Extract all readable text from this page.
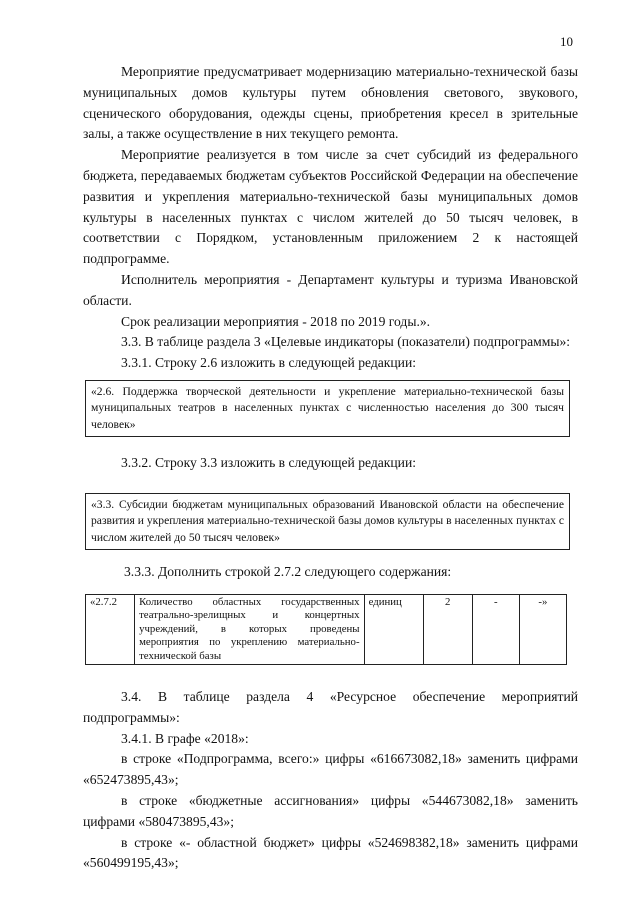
10

Мероприятие предусматривает модернизацию материально-технической базы муниципальных домов культуры путем обновления светового, звукового, сценического оборудования, одежды сцены, приобретения кресел в зрительные залы, а также осуществление в них текущего ремонта.

Мероприятие реализуется в том числе за счет субсидий из федерального бюджета, передаваемых бюджетам субъектов Российской Федерации на обеспечение развития и укрепления материально-технической базы муниципальных домов культуры в населенных пунктах с числом жителей до 50 тысяч человек, в соответствии с Порядком, установленным приложением 2 к настоящей подпрограмме.

Исполнитель мероприятия - Департамент культуры и туризма Ивановской области.

Срок реализации мероприятия - 2018 по 2019 годы.».

3.3. В таблице раздела 3 «Целевые индикаторы (показатели) подпрограммы»:

3.3.1. Строку 2.6 изложить в следующей редакции:

«2.6. Поддержка творческой деятельности и укрепление материально-технической базы муниципальных театров в населенных пунктах с численностью населения до 300 тысяч человек»
3.3.2. Строку 3.3 изложить в следующей редакции:
«3.3. Субсидии бюджетам муниципальных образований Ивановской области на обеспечение развития и укрепления материально-технической базы домов культуры в населенных пунктах с числом жителей до 50 тысяч человек»
3.3.3. Дополнить строкой 2.7.2 следующего содержания:
«2.7.2	Количество областных государственных театрально-зрелищных и концертных учреждений, в которых проведены мероприятия по укреплению материально-технической базы	единиц	2	-	-»

3.4. В таблице раздела 4 «Ресурсное обеспечение мероприятий подпрограммы»:

3.4.1. В графе «2018»:

в строке «Подпрограмма, всего:» цифры «616673082,18» заменить цифрами «652473895,43»;

в строке «бюджетные ассигнования» цифры «544673082,18» заменить цифрами «580473895,43»;

в строке «- областной бюджет» цифры «524698382,18» заменить цифрами «560499195,43»;
